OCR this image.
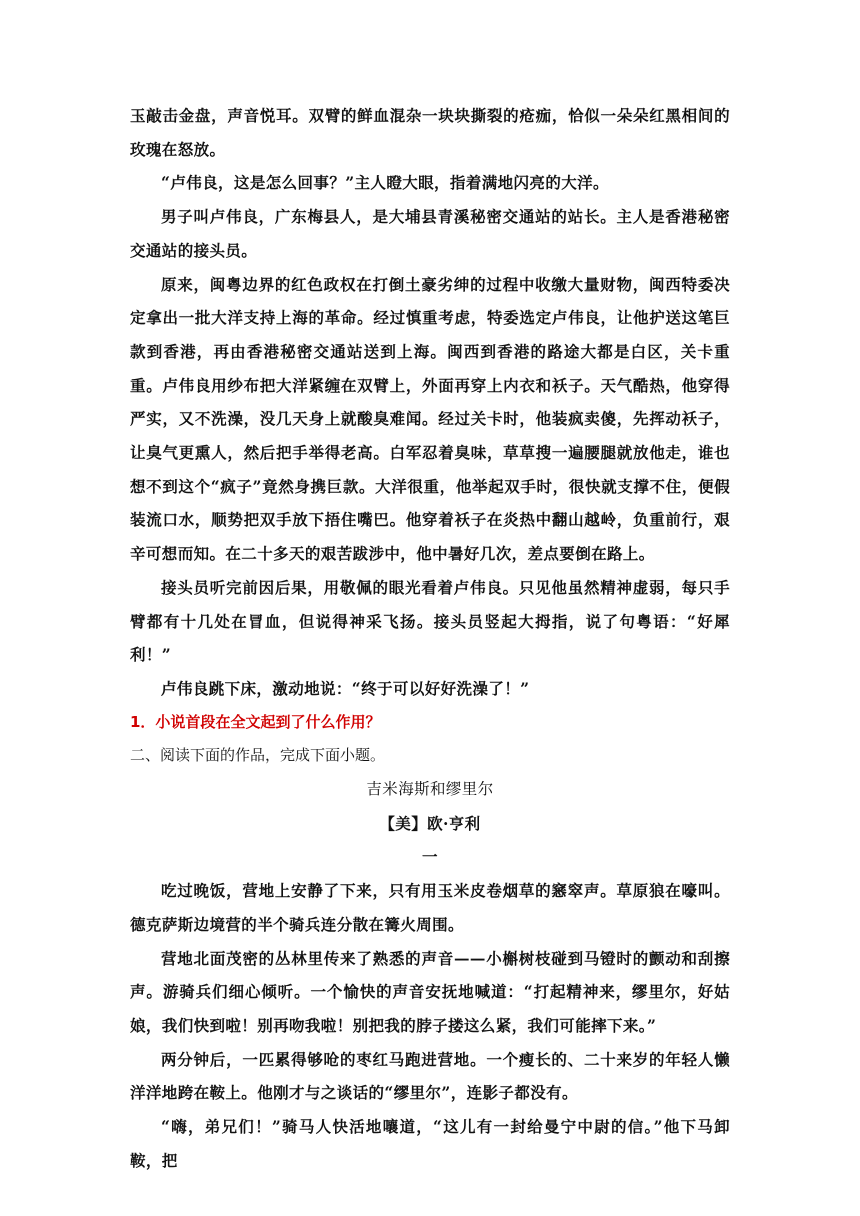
玉敲击金盘，声音悦耳。双臂的鲜血混杂一块块撕裂的疮痂，恰似一朵朵红黑相间的玫瑰在怒放。

“卢伟良，这是怎么回事？”主人瞪大眼，指着满地闪亮的大洋。

男子叫卢伟良，广东梅县人，是大埔县青溪秘密交通站的站长。主人是香港秘密交通站的接头员。

原来，闽粤边界的红色政权在打倒土豪劣绅的过程中收缴大量财物，闽西特委决定拿出一批大洋支持上海的革命。经过慎重考虑，特委选定卢伟良，让他护送这笔巨款到香港，再由香港秘密交通站送到上海。闽西到香港的路途大都是白区，关卡重重。卢伟良用纱布把大洋紧缠在双臂上，外面再穿上内衣和袄子。天气酷热，他穿得严实，又不洗澡，没几天身上就酸臭难闻。经过关卡时，他装疯卖傻，先挥动袄子，让臭气更熏人，然后把手举得老高。白军忍着臭味，草草搜一遍腰腿就放他走，谁也想不到这个“疯子”竟然身携巨款。大洋很重，他举起双手时，很快就支撑不住，便假装流口水，顺势把双手放下捂住嘴巴。他穿着袄子在炎热中翻山越岭，负重前行，艰辛可想而知。在二十多天的艰苦跋涉中，他中暑好几次，差点要倒在路上。

接头员听完前因后果，用敬佩的眼光看着卢伟良。只见他虽然精神虚弱，每只手臂都有十几处在冒血，但说得神采飞扬。接头员竖起大拇指，说了句粤语：“好犀利！”

卢伟良跳下床，激动地说：“终于可以好好洗澡了！”

1．小说首段在全文起到了什么作用？

二、阅读下面的作品，完成下面小题。

吉米海斯和缪里尔

【美】欧·亨利

一

吃过晚饭，营地上安静了下来，只有用玉米皮卷烟草的窸窣声。草原狼在嚎叫。德克萨斯边境营的半个骑兵连分散在篝火周围。

营地北面茂密的丛林里传来了熟悉的声音——小槲树枝碰到马镫时的颤动和刮擦声。游骑兵们细心倾听。一个愉快的声音安抚地喊道：“打起精神来，缪里尔，好姑娘，我们快到啦！别再吻我啦！别把我的脖子搂这么紧，我们可能摔下来。”

两分钟后，一匹累得够呛的枣红马跑进营地。一个瘦长的、二十来岁的年轻人懒洋洋地跨在鞍上。他刚才与之谈话的“缪里尔”，连影子都没有。

“嗨，弟兄们！”骑马人快活地嚷道，“这儿有一封给曼宁中尉的信。”他下马卸鞍，把
